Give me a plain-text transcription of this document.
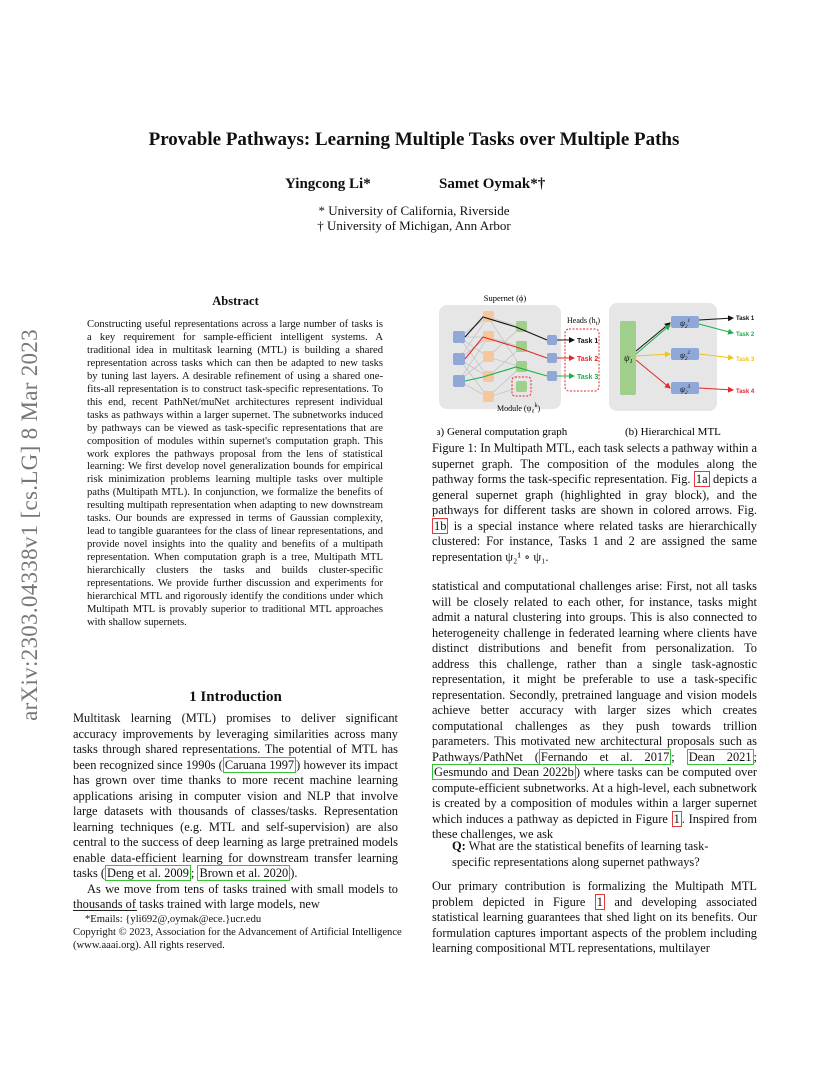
Provable Pathways: Learning Multiple Tasks over Multiple Paths
Yingcong Li*	Samet Oymak*†
* University of California, Riverside
† University of Michigan, Ann Arbor
arXiv:2303.04338v1 [cs.LG] 8 Mar 2023
Abstract
Constructing useful representations across a large number of tasks is a key requirement for sample-efficient intelligent systems. A traditional idea in multitask learning (MTL) is building a shared representation across tasks which can then be adapted to new tasks by tuning last layers. A desirable refinement of using a shared one-fits-all representation is to construct task-specific representations. To this end, recent PathNet/muNet architectures represent individual tasks as pathways within a larger supernet. The subnetworks induced by pathways can be viewed as task-specific representations that are composition of modules within supernet's computation graph. This work explores the pathways proposal from the lens of statistical learning: We first develop novel generalization bounds for empirical risk minimization problems learning multiple tasks over multiple paths (Multipath MTL). In conjunction, we formalize the benefits of resulting multipath representation when adapting to new downstream tasks. Our bounds are expressed in terms of Gaussian complexity, lead to tangible guarantees for the class of linear representations, and provide novel insights into the quality and benefits of a multipath representation. When computation graph is a tree, Multipath MTL hierarchically clusters the tasks and builds cluster-specific representations. We provide further discussion and experiments for hierarchical MTL and rigorously identify the conditions under which Multipath MTL is provably superior to traditional MTL approaches with shallow supernets.
1 Introduction

Multitask learning (MTL) promises to deliver significant accuracy improvements by leveraging similarities across many tasks through shared representations. The potential of MTL has been recognized since 1990s ( Caruana 1997 ) however its impact has grown over time thanks to more recent machine learning applications arising in computer vision and NLP that involve large datasets with thousands of classes/tasks. Representation learning techniques (e.g. MTL and self-supervision) are also central to the success of deep learning as large pretrained models enable data-efficient learning for downstream transfer learning tasks ( Deng et al. 2009 ; Brown et al. 2020 ).

As we move from tens of tasks trained with small models to thousands of tasks trained with large models, new

*Emails: {yli692@,oymak@ece.}ucr.edu
Copyright © 2023, Association for the Advancement of Artificial Intelligence (www.aaai.org). All rights reserved.
Supernet (ϕ)
Heads $(h_t)$
Task 1
Task 2
Task 3
Module $(\psi_\ell^k)$
$\psi_1$
$\psi_2^1$
$\psi_2^2$
$\psi_2^3$
Task 1
Task 2
Task 3
Task 4
(a) General computation graph	(b) Hierarchical MTL
Figure 1: In Multipath MTL, each task selects a pathway within a supernet graph. The composition of the modules along the pathway forms the task-specific representation. Fig. 1a depicts a general supernet graph (highlighted in gray block), and the pathways for different tasks are shown in colored arrows. Fig. 1b is a special instance where related tasks are hierarchically clustered: For instance, Tasks 1 and 2 are assigned the same representation ψ₂¹ ∘ ψ₁.
statistical and computational challenges arise: First, not all tasks will be closely related to each other, for instance, tasks might admit a natural clustering into groups. This is also connected to heterogeneity challenge in federated learning where clients have distinct distributions and benefit from personalization. To address this challenge, rather than a single task-agnostic representation, it might be preferable to use a task-specific representation. Secondly, pretrained language and vision models achieve better accuracy with larger sizes which creates computational challenges as they push towards trillion parameters. This motivated new architectural proposals such as Pathways/PathNet ( Fernando et al. 2017 ; Dean 2021 ; Gesmundo and Dean 2022b ) where tasks can be computed over compute-efficient subnetworks. At a high-level, each subnetwork is created by a composition of modules within a larger supernet which induces a pathway as depicted in Figure 1 . Inspired from these challenges, we ask
Q: What are the statistical benefits of learning task-specific representations along supernet pathways?
Our primary contribution is formalizing the Multipath MTL problem depicted in Figure 1 and developing associated statistical learning guarantees that shed light on its benefits. Our formulation captures important aspects of the problem including learning compositional MTL representations, multilayer
